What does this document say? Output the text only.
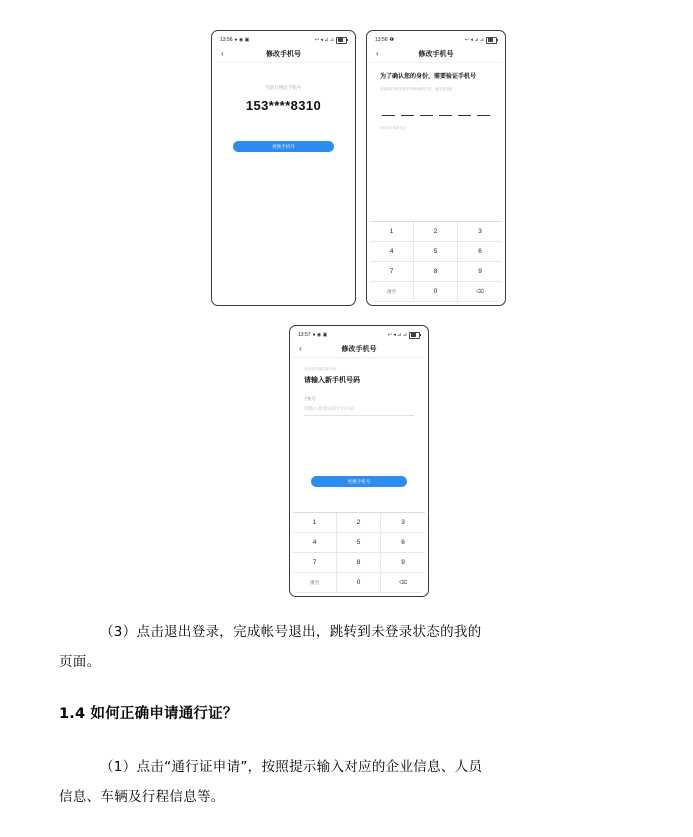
13:56 ● ◉ ▣	↩ ◂ ⊿ ⊿
‹	修改手机号
当前已绑定手机号
153****8310
更换手机号
13:56 ❶	↩ ◂ ⊿ ⊿
‹	修改手机号
为了确认您的身份，需要验证手机号
验证码已发送至尾号8310的手机，请注意查收
60S后可重新发送
1	2	3
4	5	6
7	8	9
清空	0	⌫
13:57 ● ◉ ▣	↩ ◂ ⊿ ⊿
‹	修改手机号
验证成功绑定新号码
请输入新手机号码
手机号
请输入新绑定的手机号码
更换手机号
1	2	3
4	5	6
7	8	9
清空	0	⌫
（3）点击退出登录，完成帐号退出，跳转到未登录状态的我的
页面。
1.4 如何正确申请通行证？
（1）点击“通行证申请”，按照提示输入对应的企业信息、人员
信息、车辆及行程信息等。
